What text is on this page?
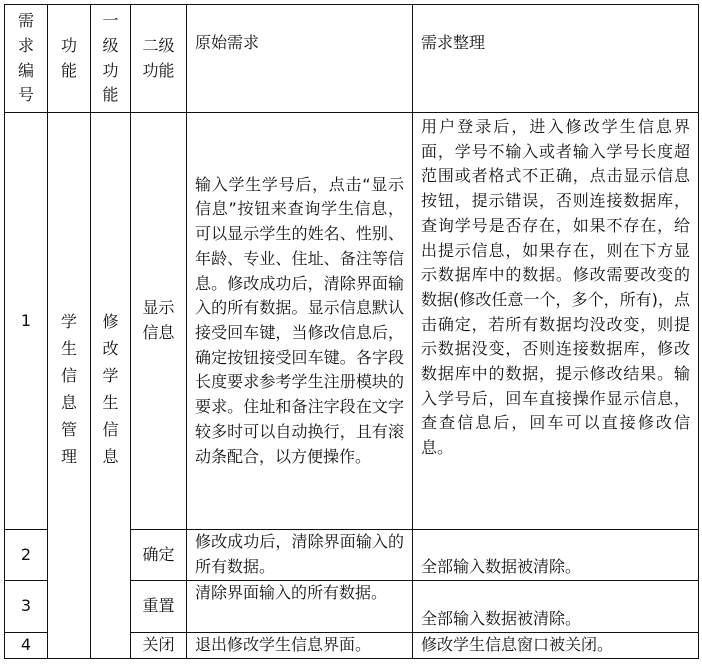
需求编号	功能	一级功能	二级功能	原始需求	需求整理
1	学生信息管理	修改学生信息	显示信息	输入学生学号后，点击“显示信息”按钮来查询学生信息，可以显示学生的姓名、性别、年龄、专业、住址、备注等信息。修改成功后，清除界面输入的所有数据。显示信息默认接受回车键，当修改信息后，确定按钮接受回车键。各字段长度要求参考学生注册模块的要求。住址和备注字段在文字较多时可以自动换行，且有滚动条配合，以方便操作。	用户登录后，进入修改学生信息界面，学号不输入或者输入学号长度超范围或者格式不正确，点击显示信息按钮，提示错误，否则连接数据库，查询学号是否存在，如果不存在，给出提示信息，如果存在，则在下方显示数据库中的数据。修改需要改变的数据(修改任意一个，多个，所有)，点击确定，若所有数据均没改变，则提示数据没变，否则连接数据库，修改数据库中的数据，提示修改结果。输入学号后，回车直接操作显示信息，查查信息后，回车可以直接修改信息。
2			确定	修改成功后，清除界面输入的所有数据。	全部输入数据被清除。
3			重置	清除界面输入的所有数据。	全部输入数据被清除。
4			关闭	退出修改学生信息界面。	修改学生信息窗口被关闭。
